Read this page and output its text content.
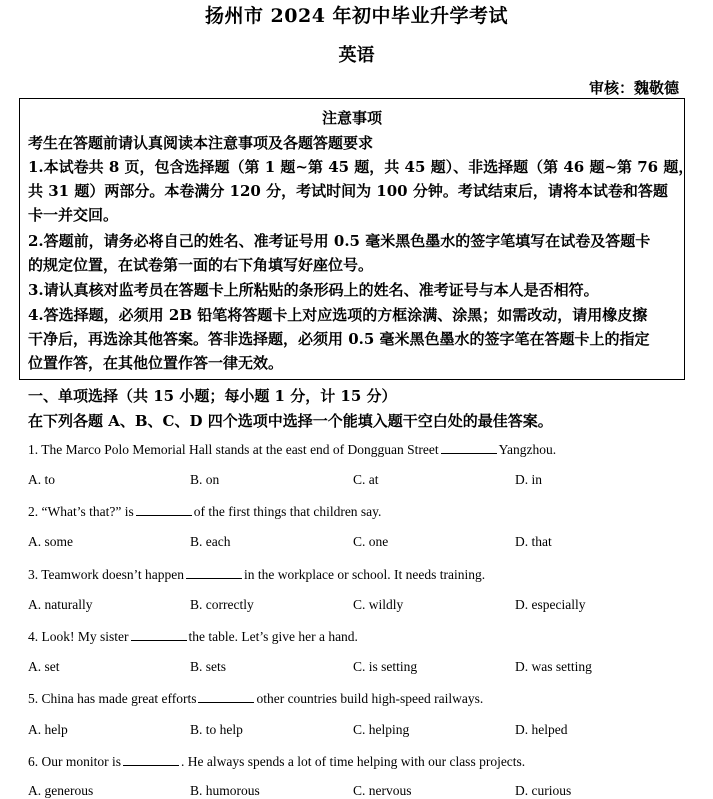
扬州市 2024 年初中毕业升学考试
英语
审核：魏敬德
注意事项
考生在答题前请认真阅读本注意事项及各题答题要求
1.本试卷共 8 页，包含选择题（第 1 题~第 45 题，共 45 题）、非选择题（第 46 题~第 76 题，
共 31 题）两部分。本卷满分 120 分，考试时间为 100 分钟。考试结束后，请将本试卷和答题
卡一并交回。
2.答题前，请务必将自己的姓名、准考证号用 0.5 毫米黑色墨水的签字笔填写在试卷及答题卡
的规定位置，在试卷第一面的右下角填写好座位号。
3.请认真核对监考员在答题卡上所粘贴的条形码上的姓名、准考证号与本人是否相符。
4.答选择题，必须用 2B 铅笔将答题卡上对应选项的方框涂满、涂黑；如需改动，请用橡皮擦
干净后，再选涂其他答案。答非选择题，必须用 0.5 毫米黑色墨水的签字笔在答题卡上的指定
位置作答，在其他位置作答一律无效。
一、单项选择（共 15 小题；每小题 1 分，计 15 分）
在下列各题 A、B、C、D 四个选项中选择一个能填入题干空白处的最佳答案。
1. The Marco Polo Memorial Hall stands at the east end of Dongguan Street	Yangzhou.
A. to	B. on	C. at	D. in
2. “What’s that?” is	of the first things that children say.
A. some	B. each	C. one	D. that
3. Teamwork doesn’t happen	in the workplace or school. It needs training.
A. naturally	B. correctly	C. wildly	D. especially
4. Look! My sister	the table. Let’s give her a hand.
A. set	B. sets	C. is setting	D. was setting
5. China has made great efforts	other countries build high-speed railways.
A. help	B. to help	C. helping	D. helped
6. Our monitor is	. He always spends a lot of time helping with our class projects.
A. generous	B. humorous	C. nervous	D. curious
